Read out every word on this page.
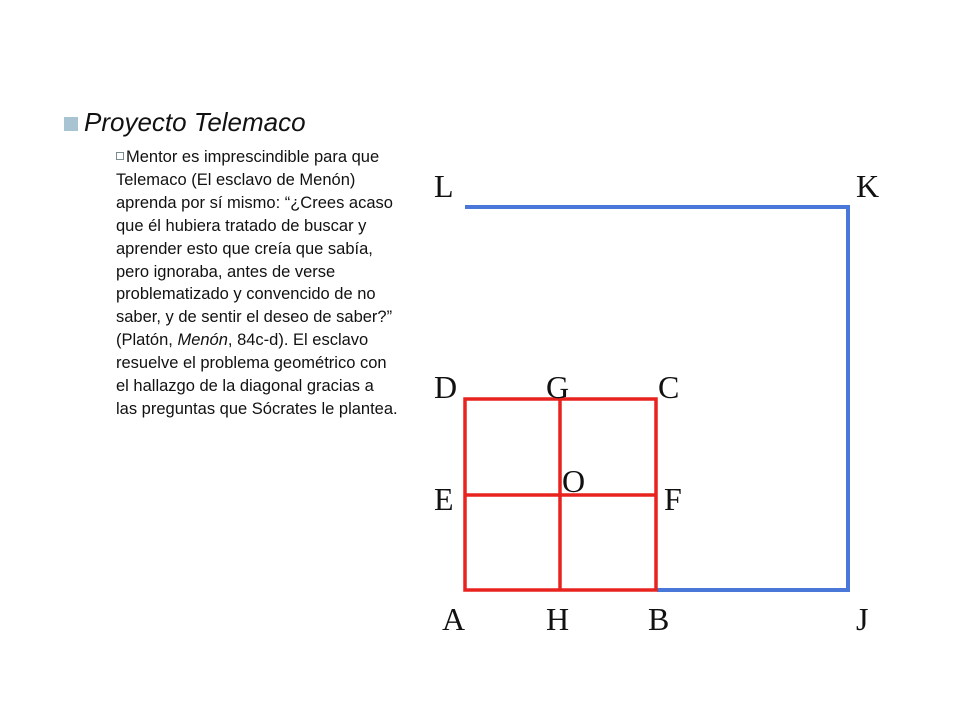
Proyecto Telemaco
Mentor es imprescindible para que Telemaco (El esclavo de Menón) aprenda por sí mismo: “¿Crees acaso que él hubiera tratado de buscar y aprender esto que creía que sabía, pero ignoraba, antes de verse problematizado y convencido de no saber, y de sentir el deseo de saber?” (Platón, Menón, 84c-d). El esclavo resuelve el problema geométrico con el hallazgo de la diagonal gracias a las preguntas que Sócrates le plantea.
L	K
D	G	C
O
E	F
A	H B	J
